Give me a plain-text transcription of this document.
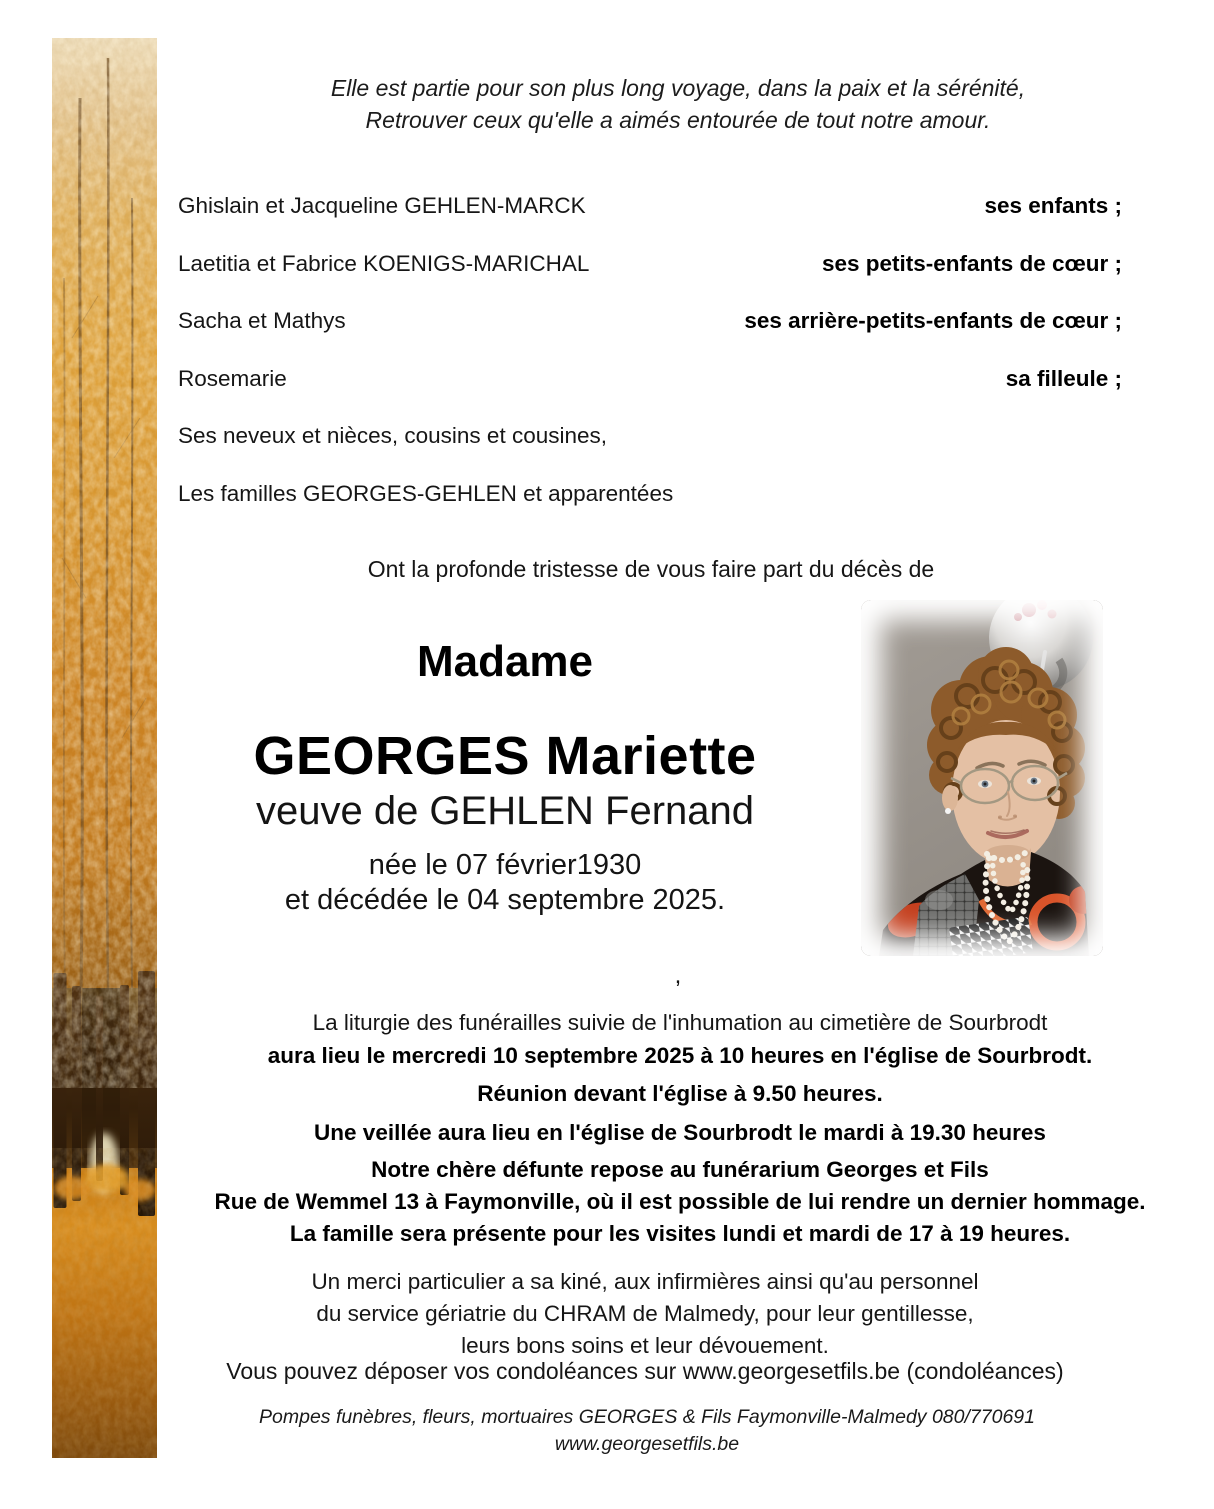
Elle est partie pour son plus long voyage, dans la paix et la sérénité,
Retrouver ceux qu'elle a aimés entourée de tout notre amour.
Ghislain et Jacqueline GEHLEN-MARCK	ses enfants ;
Laetitia et Fabrice KOENIGS-MARICHAL	ses petits-enfants de cœur ;
Sacha et Mathys	ses arrière-petits-enfants de cœur ;
Rosemarie	sa filleule ;
Ses neveux et nièces, cousins et cousines,
Les familles GEORGES-GEHLEN et apparentées
Ont la profonde tristesse de vous faire part du décès de
Madame
GEORGES Mariette
veuve de GEHLEN Fernand
née le 07 février1930
et décédée le 04 septembre 2025.
,
La liturgie des funérailles suivie de l'inhumation au cimetière de Sourbrodt
aura lieu le mercredi 10 septembre 2025 à 10 heures en l'église de Sourbrodt.
Réunion devant l'église à 9.50 heures.
Une veillée aura lieu en l'église de Sourbrodt le mardi à 19.30 heures
Notre chère défunte repose au funérarium Georges et Fils
Rue de Wemmel 13 à Faymonville, où il est possible de lui rendre un dernier hommage.
La famille sera présente pour les visites lundi et mardi de 17 à 19 heures.
Un merci particulier a sa kiné, aux infirmières ainsi qu'au personnel
du service gériatrie du CHRAM de Malmedy, pour leur gentillesse,
leurs bons soins et leur dévouement.
Vous pouvez déposer vos condoléances sur www.georgesetfils.be (condoléances)
Pompes funèbres, fleurs, mortuaires GEORGES & Fils Faymonville-Malmedy 080/770691
www.georgesetfils.be
